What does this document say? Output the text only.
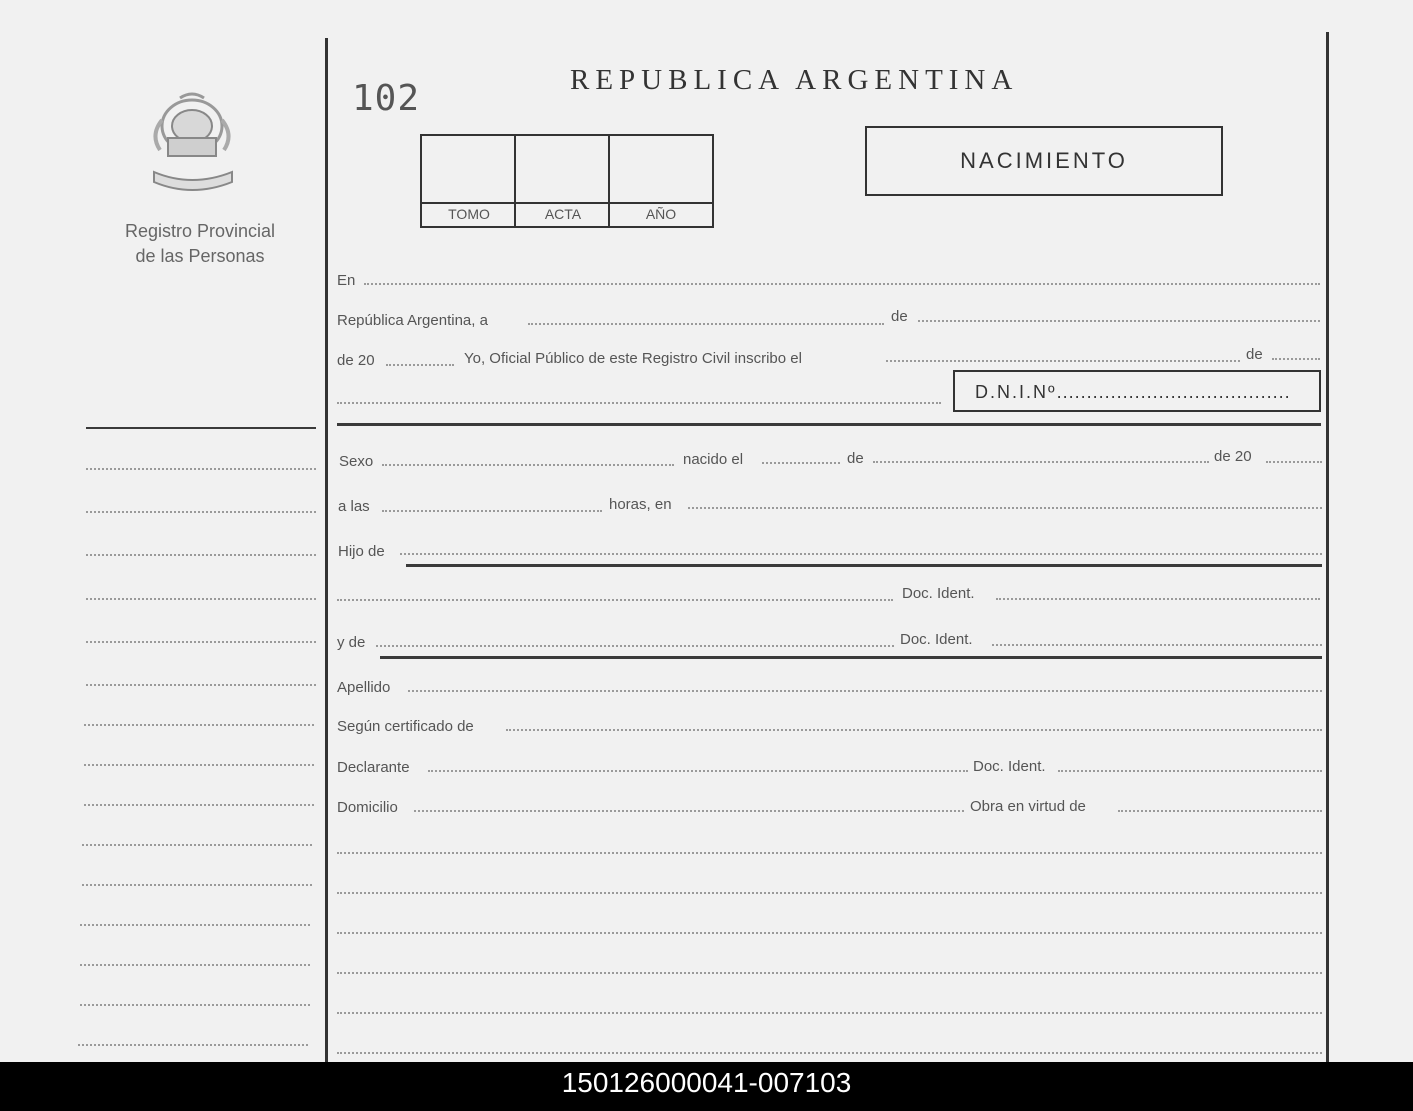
Registro Provincial
de las Personas
102	REPUBLICA ARGENTINA
TOMO	ACTA	AÑO
NACIMIENTO
En
República Argentina, a	de
de 20	Yo, Oficial Público de este Registro Civil inscribo el	de
D.N.I.Nº.......................................
Sexo	nacido el	de	de 20
a las	horas, en
Hijo de
Doc. Ident.
y de	Doc. Ident.
Apellido
Según certificado de
Declarante	Doc. Ident.
Domicilio	Obra en virtud de
150126000041-007103
